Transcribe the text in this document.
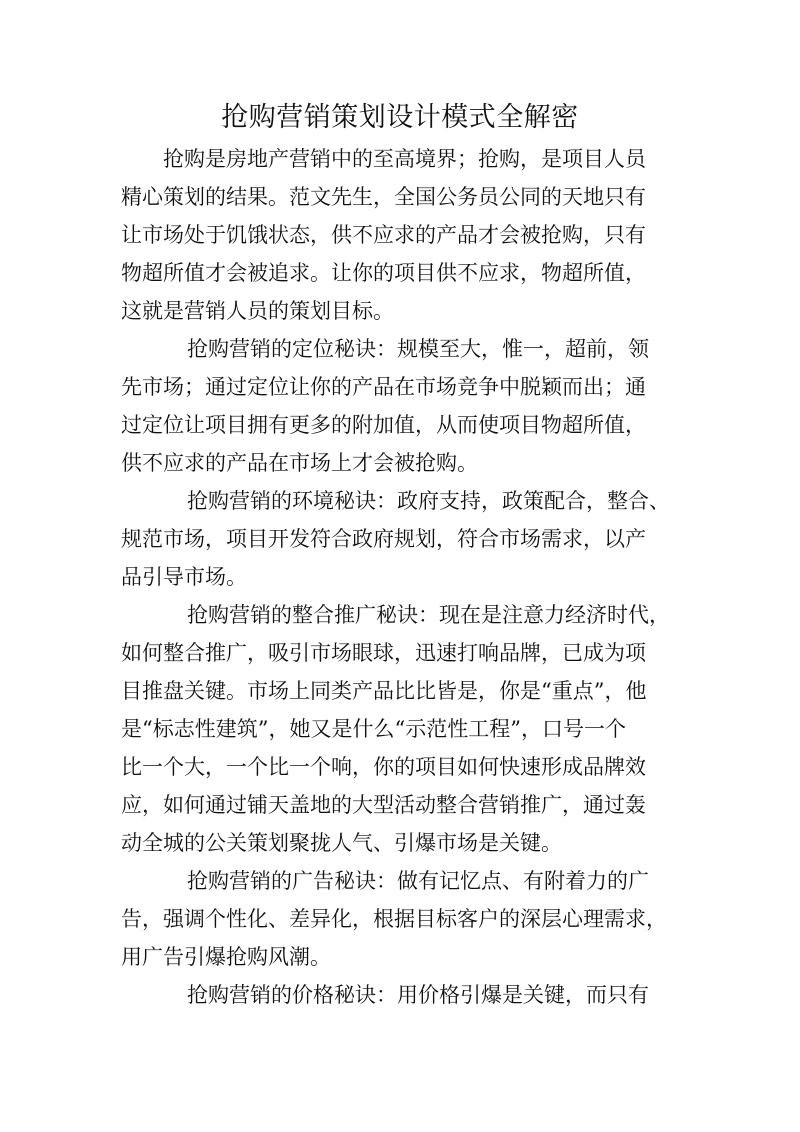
抢购营销策划设计模式全解密
抢购是房地产营销中的至高境界；抢购，是项目人员
精心策划的结果。范文先生，全国公务员公同的天地只有
让市场处于饥饿状态，供不应求的产品才会被抢购，只有
物超所值才会被追求。让你的项目供不应求，物超所值，
这就是营销人员的策划目标。
抢购营销的定位秘诀：规模至大，惟一，超前，领
先市场；通过定位让你的产品在市场竞争中脱颖而出；通
过定位让项目拥有更多的附加值，从而使项目物超所值，
供不应求的产品在市场上才会被抢购。
抢购营销的环境秘诀：政府支持，政策配合，整合、
规范市场，项目开发符合政府规划，符合市场需求，以产
品引导市场。
抢购营销的整合推广秘诀：现在是注意力经济时代，
如何整合推广，吸引市场眼球，迅速打响品牌，已成为项
目推盘关键。市场上同类产品比比皆是，你是“重点”，他
是“标志性建筑”，她又是什么“示范性工程”，口号一个
比一个大，一个比一个响，你的项目如何快速形成品牌效
应，如何通过铺天盖地的大型活动整合营销推广，通过轰
动全城的公关策划聚拢人气、引爆市场是关键。
抢购营销的广告秘诀：做有记忆点、有附着力的广
告，强调个性化、差异化，根据目标客户的深层心理需求，
用广告引爆抢购风潮。
抢购营销的价格秘诀：用价格引爆是关键，而只有
